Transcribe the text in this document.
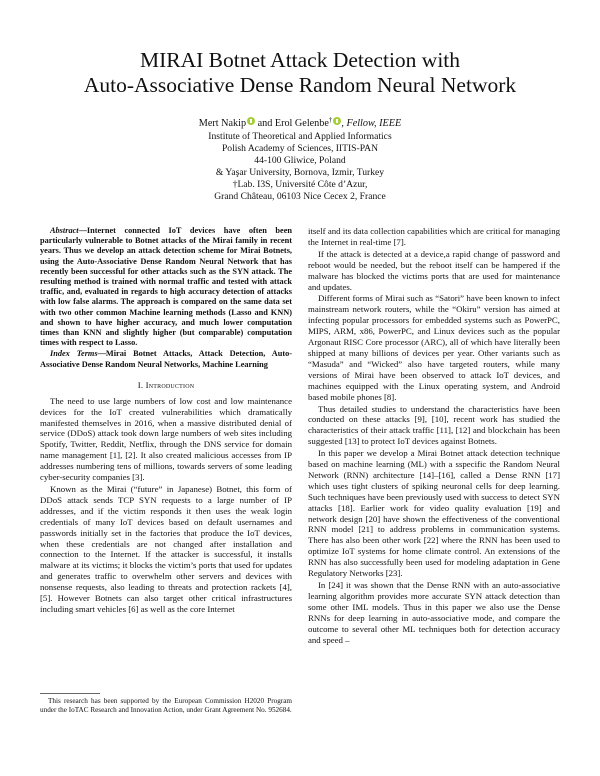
MIRAI Botnet Attack Detection with
Auto-Associative Dense Random Neural Network
Mert Nakip and Erol Gelenbe† , Fellow, IEEE
Institute of Theoretical and Applied Informatics
Polish Academy of Sciences, IITIS-PAN
44-100 Gliwice, Poland
& Yaşar University, Bornova, Izmir, Turkey
†Lab. I3S, Université Côte d’Azur,
Grand Château, 06103 Nice Cecex 2, France

Abstract—Internet connected IoT devices have often been particularly vulnerable to Botnet attacks of the Mirai family in recent years. Thus we develop an attack detection scheme for Mirai Botnets, using the Auto-Associative Dense Random Neural Network that has recently been successful for other attacks such as the SYN attack. The resulting method is trained with normal traffic and tested with attack traffic, and, evaluated in regards to high accuracy detection of attacks with low false alarms. The approach is compared on the same data set with two other common Machine learning methods (Lasso and KNN) and shown to have higher accuracy, and much lower computation times than KNN and slightly higher (but comparable) computation times with respect to Lasso.

Index Terms—Mirai Botnet Attacks, Attack Detection, Auto-Associative Dense Random Neural Networks, Machine Learning

I. Introduction

The need to use large numbers of low cost and low maintenance devices for the IoT created vulnerabilities which dramatically manifested themselves in 2016, when a massive distributed denial of service (DDoS) attack took down large numbers of web sites including Spotify, Twitter, Reddit, Netflix, through the DNS service for domain name management [1], [2]. It also created malicious accesses from IP addresses numbering tens of millions, towards servers of some leading cyber-security companies [3].

Known as the Mirai (“future” in Japanese) Botnet, this form of DDoS attack sends TCP SYN requests to a large number of IP addresses, and if the victim responds it then uses the weak login credentials of many IoT devices based on default usernames and passwords initially set in the factories that produce the IoT devices, when these credentials are not changed after installation and connection to the Internet. If the attacker is successful, it installs malware at its victims; it blocks the victim’s ports that used for updates and generates traffic to overwhelm other servers and devices with nonsense requests, also leading to threats and protection rackets [4], [5]. However Botnets can also target other critical infrastructures including smart vehicles [6] as well as the core Internet

This research has been supported by the European Commission H2020 Program under the IoTAC Research and Innovation Action, under Grant Agreement No. 952684.

itself and its data collection capabilities which are critical for managing the Internet in real-time [7].

If the attack is detected at a device,a rapid change of password and reboot would be needed, but the reboot itself can be hampered if the malware has blocked the victims ports that are used for maintenance and updates.

Different forms of Mirai such as “Satori” have been known to infect mainstream network routers, while the “Okiru” version has aimed at infecting popular processors for embedded systems such as PowerPC, MIPS, ARM, x86, PowerPC, and Linux devices such as the popular Argonaut RISC Core processor (ARC), all of which have literally been shipped at many billions of devices per year. Other variants such as “Masuda” and “Wicked” also have targeted routers, while many versions of Mirai have been observed to attack IoT devices, and machines equipped with the Linux operating system, and Android based mobile phones [8].

Thus detailed studies to understand the characteristics have been conducted on these attacks [9], [10], recent work has studied the characteristics of their attack traffic [11], [12] and blockchain has been suggested [13] to protect IoT devices against Botnets.

In this paper we develop a Mirai Botnet attack detection technique based on machine learning (ML) with a sspecific the Random Neural Network (RNN) architecture [14]–[16], called a Dense RNN [17] which uses tight clusters of spiking neuronal cells for deep learning. Such techniques have been previously used with success to detect SYN attacks [18]. Earlier work for video quality evaluation [19] and network design [20] have shown the effectiveness of the conventional RNN model [21] to address problems in communication systems. There has also been other work [22] where the RNN has been used to optimize IoT systems for home climate control. An extensions of the RNN has also successfully been used for modeling adaptation in Gene Regulatory Networks [23].

In [24] it was shown that the Dense RNN with an auto-associative learning algorithm provides more accurate SYN attack detection than some other IML models. Thus in this paper we also use the Dense RNNs for deep learning in auto-associative mode, and compare the outcome to several other ML techniques both for detection accuracy and speed –
